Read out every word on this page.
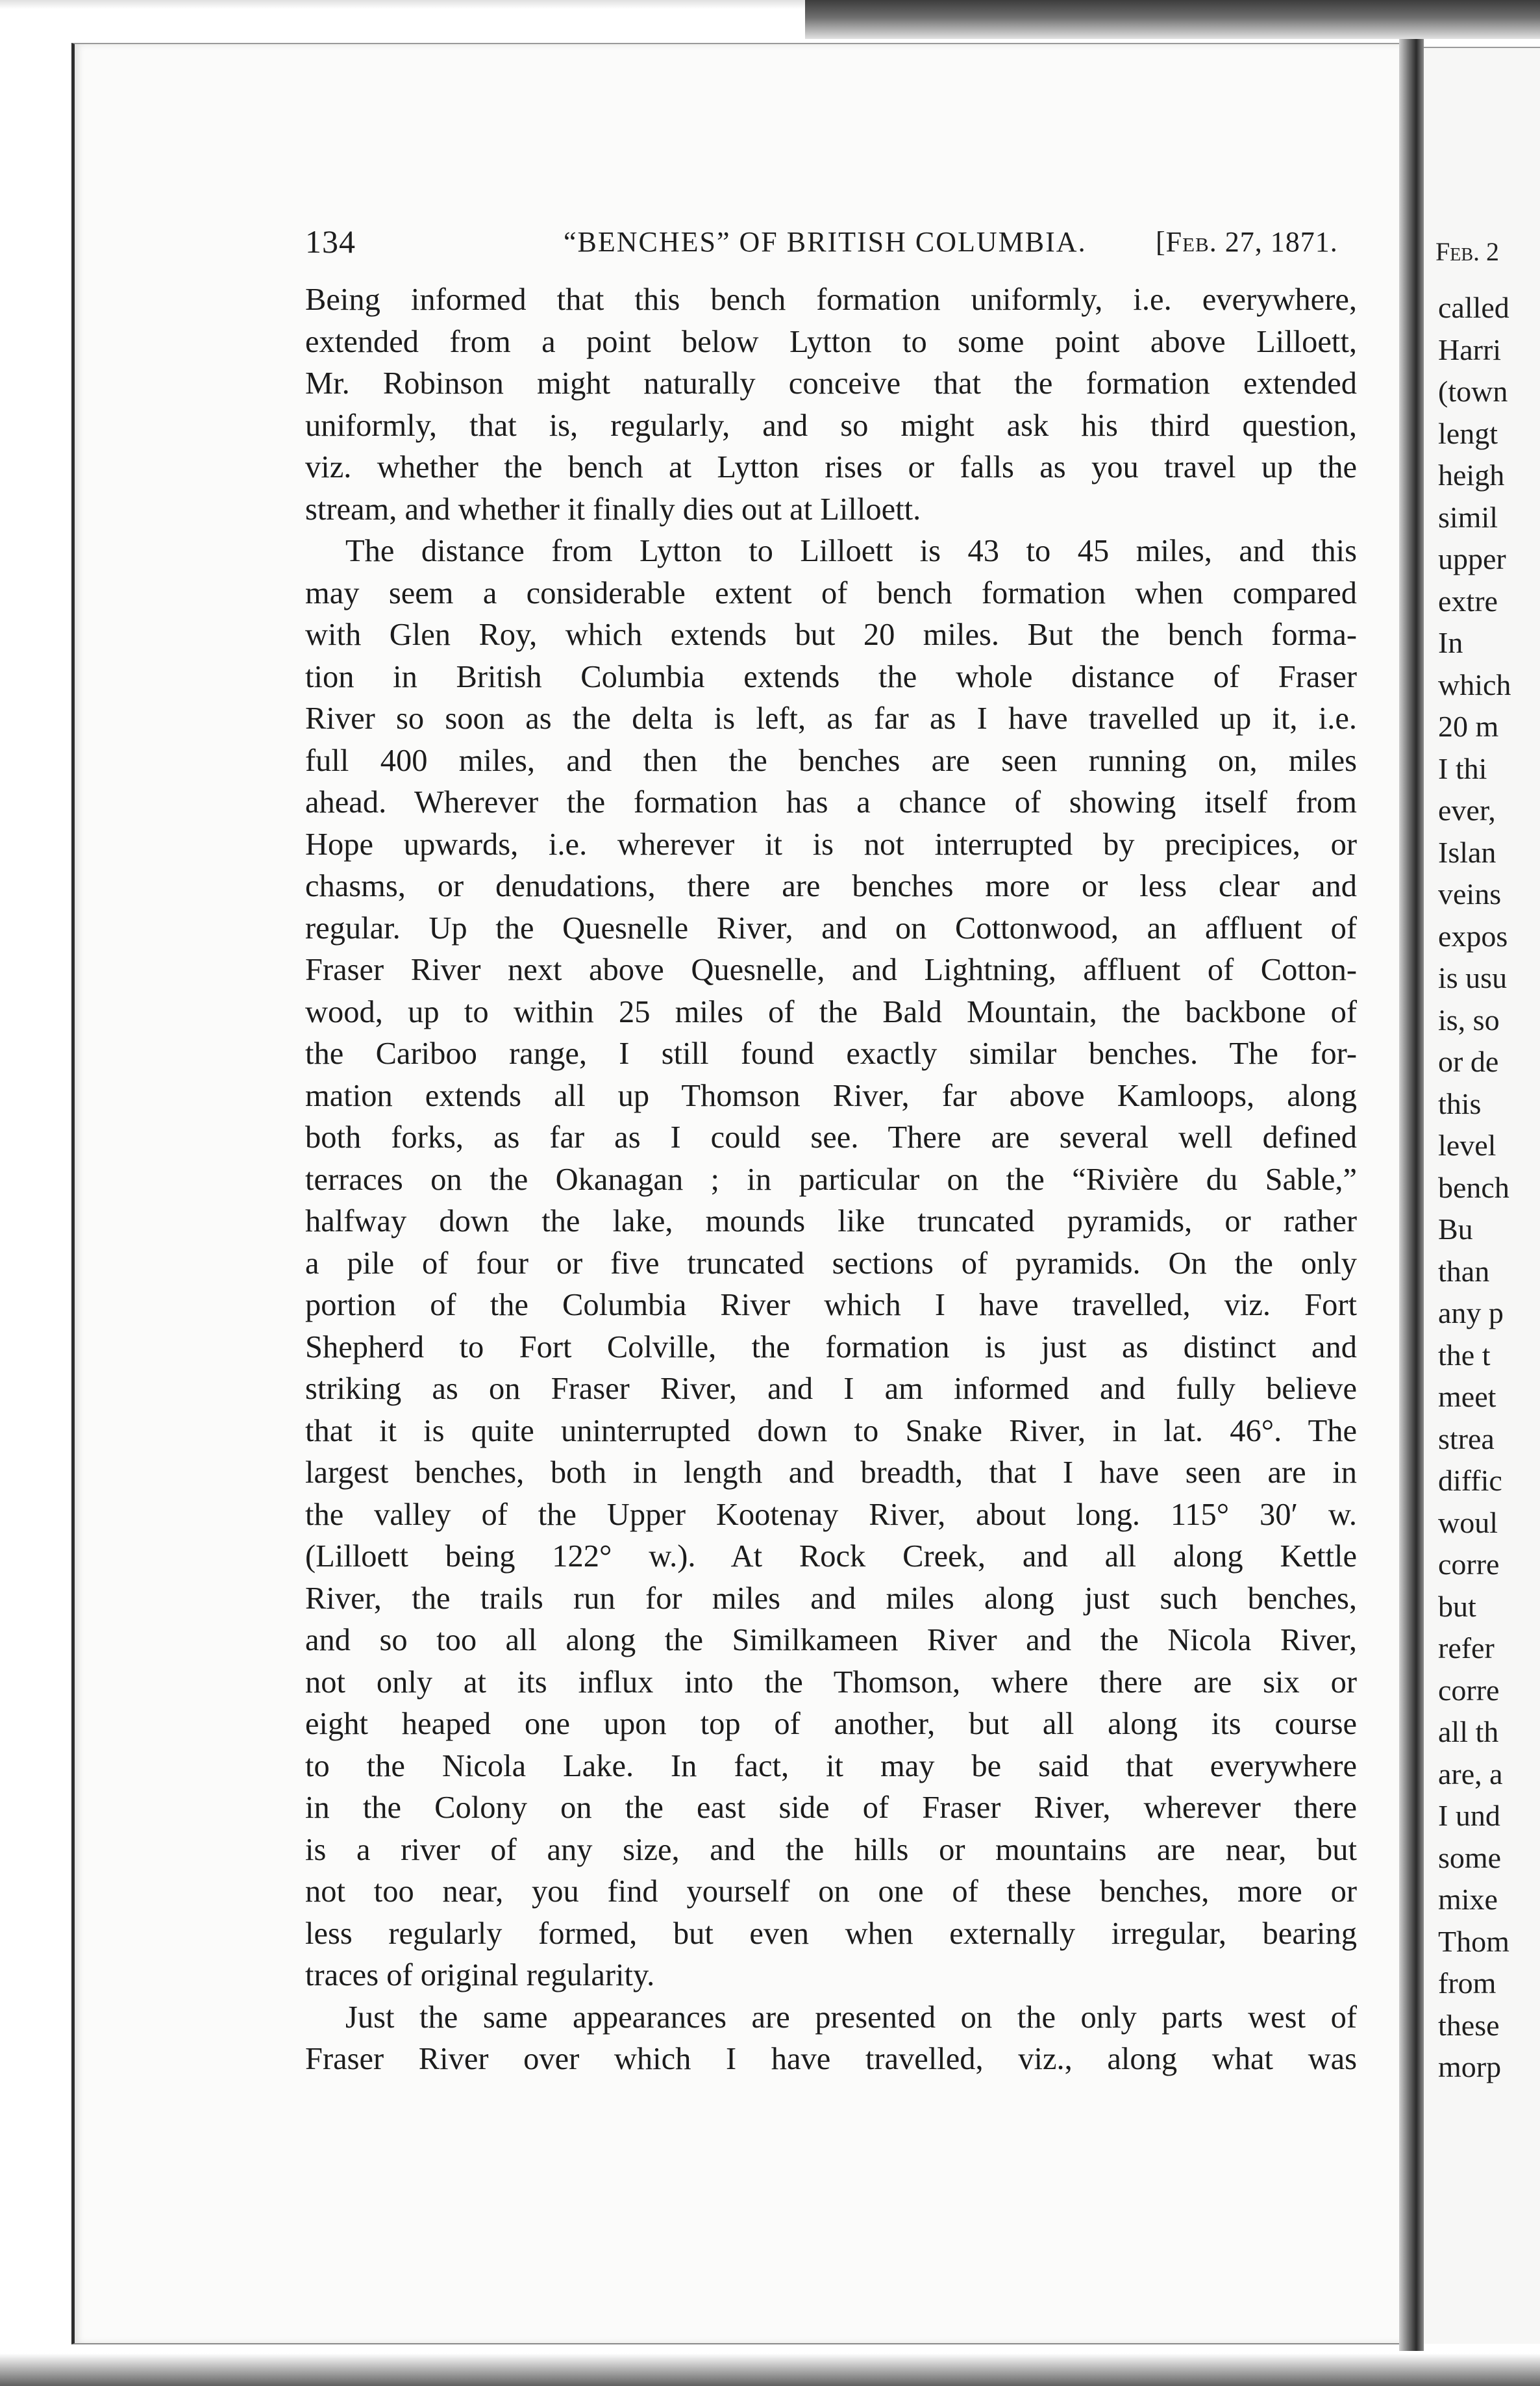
134	“BENCHES” OF BRITISH COLUMBIA. [Feb. 27, 1871.
Being informed that this bench formation uniformly, i.e. everywhere,
extended from a point below Lytton to some point above Lilloett,
Mr. Robinson might naturally conceive that the formation extended
uniformly, that is, regularly, and so might ask his third question,
viz. whether the bench at Lytton rises or falls as you travel up the
stream, and whether it finally dies out at Lilloett.
The distance from Lytton to Lilloett is 43 to 45 miles, and this
may seem a considerable extent of bench formation when compared
with Glen Roy, which extends but 20 miles. But the bench forma-
tion in British Columbia extends the whole distance of Fraser
River so soon as the delta is left, as far as I have travelled up it, i.e.
full 400 miles, and then the benches are seen running on, miles
ahead. Wherever the formation has a chance of showing itself from
Hope upwards, i.e. wherever it is not interrupted by precipices, or
chasms, or denudations, there are benches more or less clear and
regular. Up the Quesnelle River, and on Cottonwood, an affluent of
Fraser River next above Quesnelle, and Lightning, affluent of Cotton-
wood, up to within 25 miles of the Bald Mountain, the backbone of
the Cariboo range, I still found exactly similar benches. The for-
mation extends all up Thomson River, far above Kamloops, along
both forks, as far as I could see. There are several well defined
terraces on the Okanagan ; in particular on the “Rivière du Sable,”
halfway down the lake, mounds like truncated pyramids, or rather
a pile of four or five truncated sections of pyramids. On the only
portion of the Columbia River which I have travelled, viz. Fort
Shepherd to Fort Colville, the formation is just as distinct and
striking as on Fraser River, and I am informed and fully believe
that it is quite uninterrupted down to Snake River, in lat. 46°. The
largest benches, both in length and breadth, that I have seen are in
the valley of the Upper Kootenay River, about long. 115° 30′ w.
(Lilloett being 122° w.). At Rock Creek, and all along Kettle
River, the trails run for miles and miles along just such benches,
and so too all along the Similkameen River and the Nicola River,
not only at its influx into the Thomson, where there are six or
eight heaped one upon top of another, but all along its course
to the Nicola Lake. In fact, it may be said that everywhere
in the Colony on the east side of Fraser River, wherever there
is a river of any size, and the hills or mountains are near, but
not too near, you find yourself on one of these benches, more or
less regularly formed, but even when externally irregular, bearing
traces of original regularity.
Just the same appearances are presented on the only parts west of
Fraser River over which I have travelled, viz., along what was
Feb. 2
called
Harri
(town
lengt
heigh
simil
upper
extre
In
which
20 m
I thi
ever,
Islan
veins
expos
is usu
is, so
or de
this
level
bench
Bu
than
any p
the t
meet
strea
diffic
woul
corre
but
refer
corre
all th
are, a
I und
some
mixe
Thom
from
these
morp
